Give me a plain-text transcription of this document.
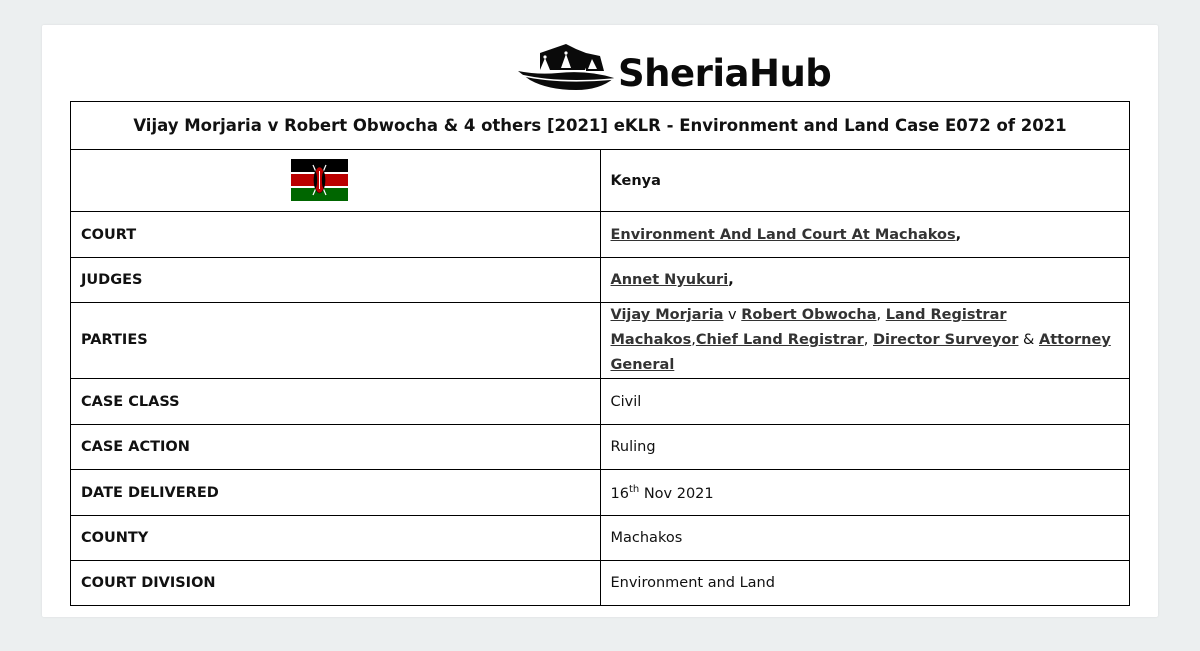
SheriaHub
Vijay Morjaria v Robert Obwocha & 4 others [2021] eKLR - Environment and Land Case E072 of 2021	
	Kenya
COURT	Environment And Land Court At Machakos,
JUDGES	Annet Nyukuri,
PARTIES	Vijay Morjaria v Robert Obwocha, Land Registrar Machakos,Chief Land Registrar, Director Surveyor & Attorney General
CASE CLASS	Civil
CASE ACTION	Ruling
DATE DELIVERED	16th Nov 2021
COUNTY	Machakos
COURT DIVISION	Environment and Land
